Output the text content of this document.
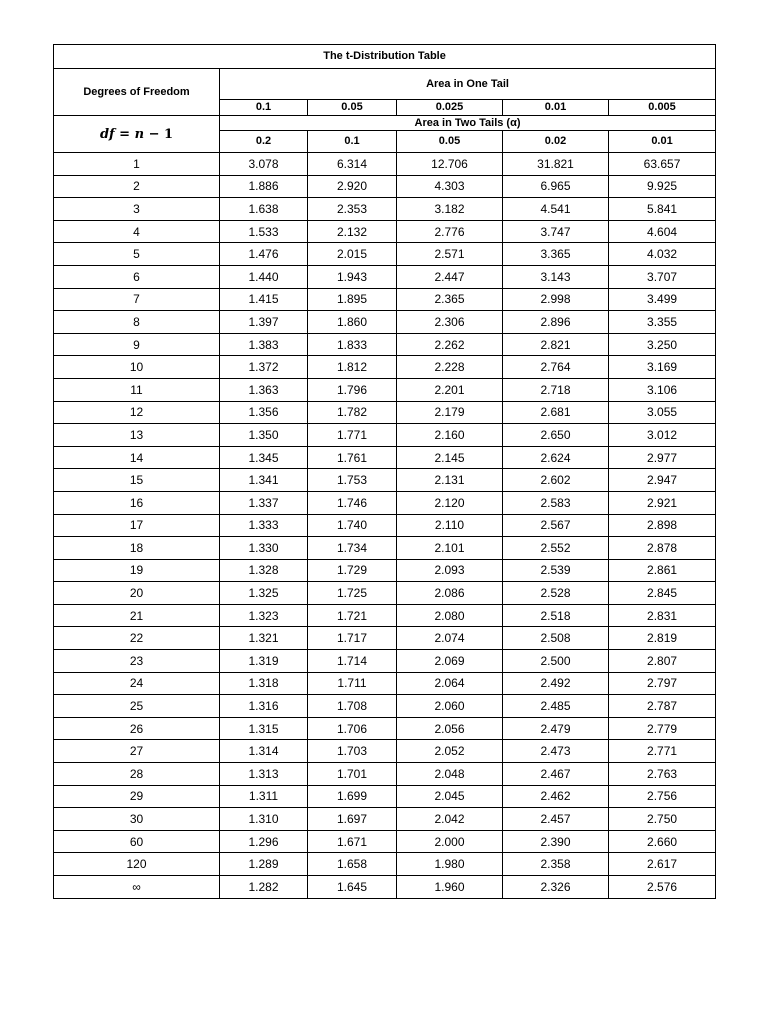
The t-Distribution Table					
Degrees of Freedom	Area in One Tail				
	0.1	0.05	0.025	0.01	0.005
df = n − 1	Area in Two Tails (α)				
	0.2	0.1	0.05	0.02	0.01
1	3.078	6.314	12.706	31.821	63.657
2	1.886	2.920	4.303	6.965	9.925
3	1.638	2.353	3.182	4.541	5.841
4	1.533	2.132	2.776	3.747	4.604
5	1.476	2.015	2.571	3.365	4.032
6	1.440	1.943	2.447	3.143	3.707
7	1.415	1.895	2.365	2.998	3.499
8	1.397	1.860	2.306	2.896	3.355
9	1.383	1.833	2.262	2.821	3.250
10	1.372	1.812	2.228	2.764	3.169
11	1.363	1.796	2.201	2.718	3.106
12	1.356	1.782	2.179	2.681	3.055
13	1.350	1.771	2.160	2.650	3.012
14	1.345	1.761	2.145	2.624	2.977
15	1.341	1.753	2.131	2.602	2.947
16	1.337	1.746	2.120	2.583	2.921
17	1.333	1.740	2.110	2.567	2.898
18	1.330	1.734	2.101	2.552	2.878
19	1.328	1.729	2.093	2.539	2.861
20	1.325	1.725	2.086	2.528	2.845
21	1.323	1.721	2.080	2.518	2.831
22	1.321	1.717	2.074	2.508	2.819
23	1.319	1.714	2.069	2.500	2.807
24	1.318	1.711	2.064	2.492	2.797
25	1.316	1.708	2.060	2.485	2.787
26	1.315	1.706	2.056	2.479	2.779
27	1.314	1.703	2.052	2.473	2.771
28	1.313	1.701	2.048	2.467	2.763
29	1.311	1.699	2.045	2.462	2.756
30	1.310	1.697	2.042	2.457	2.750
60	1.296	1.671	2.000	2.390	2.660
120	1.289	1.658	1.980	2.358	2.617
∞	1.282	1.645	1.960	2.326	2.576
